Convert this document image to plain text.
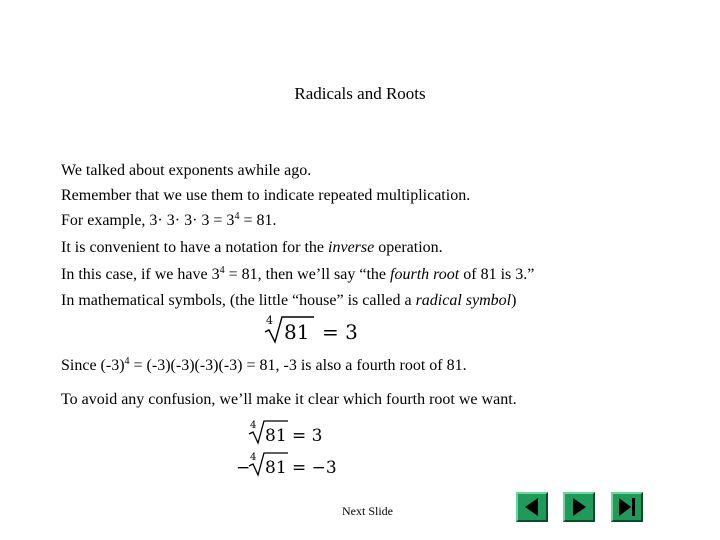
Radicals and Roots
We talked about exponents awhile ago.
Remember that we use them to indicate repeated multiplication.
For example, $3\cdot 3\cdot 3\cdot 3 = 3^4 = 81$.
It is convenient to have a notation for the inverse operation.
In this case, if we have $3^4 = 81$, then we’ll say “the fourth root of 81 is 3.”
In mathematical symbols, (the little “house” is called a radical symbol)
4 81 = 3
Since $(-3)^4 = (-3)(-3)(-3)(-3) = 81$, -3 is also a fourth root of 81.
To avoid any confusion, we’ll make it clear which fourth root we want.
4
81 = 3
−
4
81 = −3
Next Slide
